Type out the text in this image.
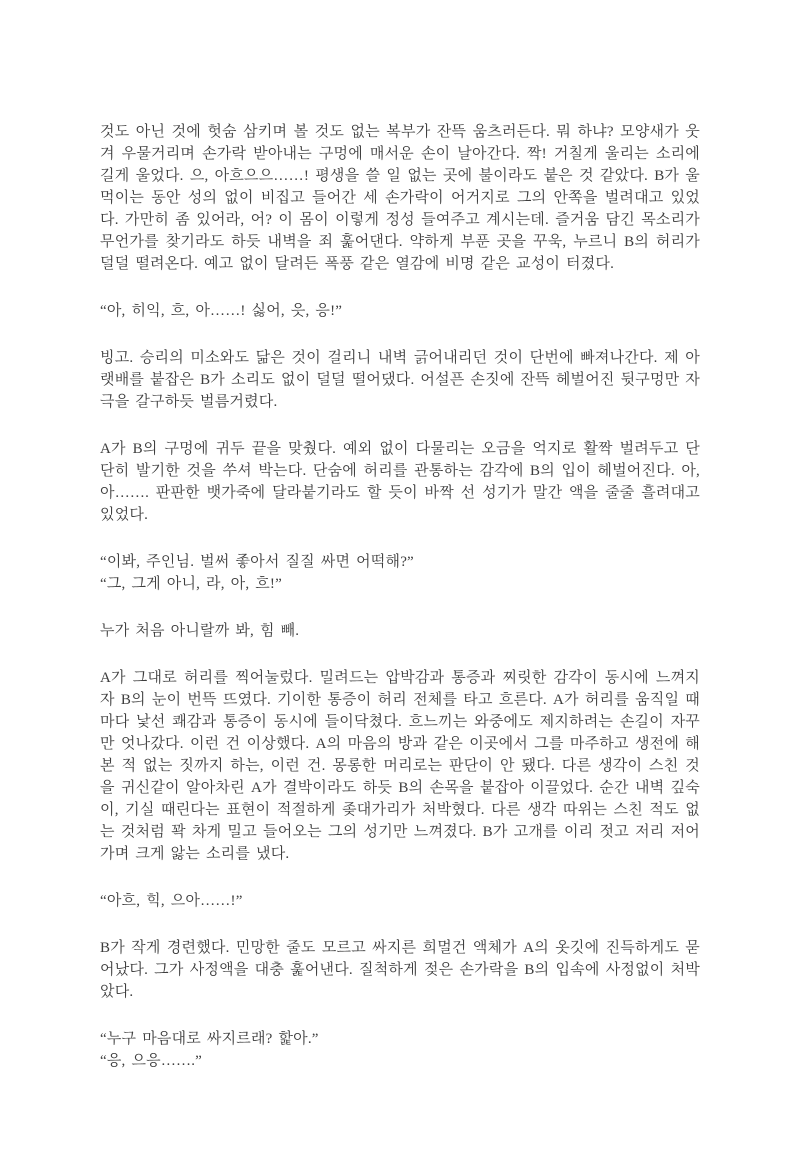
것도 아닌 것에 헛숨 삼키며 볼 것도 없는 복부가 잔뜩 움츠러든다. 뭐 하냐? 모양새가 웃겨 우물거리며 손가락 받아내는 구멍에 매서운 손이 날아간다. 짝! 거칠게 울리는 소리에 길게 울었다. 으, 아흐으으……! 평생을 쓸 일 없는 곳에 불이라도 붙은 것 같았다. B가 울먹이는 동안 성의 없이 비집고 들어간 세 손가락이 어거지로 그의 안쪽을 벌려대고 있었다. 가만히 좀 있어라, 어? 이 몸이 이렇게 정성 들여주고 계시는데. 즐거움 담긴 목소리가 무언가를 찾기라도 하듯 내벽을 죄 훑어댄다. 약하게 부푼 곳을 꾸욱, 누르니 B의 허리가 덜덜 떨려온다. 예고 없이 달려든 폭풍 같은 열감에 비명 같은 교성이 터졌다.

“아, 히익, 흐, 아……! 싫어, 읏, 응!”

빙고. 승리의 미소와도 닮은 것이 걸리니 내벽 긁어내리던 것이 단번에 빠져나간다. 제 아랫배를 붙잡은 B가 소리도 없이 덜덜 떨어댔다. 어설픈 손짓에 잔뜩 헤벌어진 뒷구멍만 자극을 갈구하듯 벌름거렸다.

A가 B의 구멍에 귀두 끝을 맞췄다. 예외 없이 다물리는 오금을 억지로 활짝 벌려두고 단단히 발기한 것을 쑤셔 박는다. 단숨에 허리를 관통하는 감각에 B의 입이 헤벌어진다. 아, 아……. 판판한 뱃가죽에 달라붙기라도 할 듯이 바짝 선 성기가 말간 액을 줄줄 흘려대고 있었다.

“이봐, 주인님. 벌써 좋아서 질질 싸면 어떡해?”

“그, 그게 아니, 라, 아, 흐!”

누가 처음 아니랄까 봐, 힘 빼.

A가 그대로 허리를 찍어눌렀다. 밀려드는 압박감과 통증과 찌릿한 감각이 동시에 느껴지자 B의 눈이 번뜩 뜨였다. 기이한 통증이 허리 전체를 타고 흐른다. A가 허리를 움직일 때마다 낯선 쾌감과 통증이 동시에 들이닥쳤다. 흐느끼는 와중에도 제지하려는 손길이 자꾸만 엇나갔다. 이런 건 이상했다. A의 마음의 방과 같은 이곳에서 그를 마주하고 생전에 해본 적 없는 짓까지 하는, 이런 건. 몽롱한 머리로는 판단이 안 됐다. 다른 생각이 스친 것을 귀신같이 알아차린 A가 결박이라도 하듯 B의 손목을 붙잡아 이끌었다. 순간 내벽 깊숙이, 기실 때린다는 표현이 적절하게 좆대가리가 처박혔다. 다른 생각 따위는 스친 적도 없는 것처럼 꽉 차게 밀고 들어오는 그의 성기만 느껴졌다. B가 고개를 이리 젓고 저리 저어가며 크게 앓는 소리를 냈다.

“아흐, 힉, 으아……!”

B가 작게 경련했다. 민망한 줄도 모르고 싸지른 희멀건 액체가 A의 옷깃에 진득하게도 묻어났다. 그가 사정액을 대충 훑어낸다. 질척하게 젖은 손가락을 B의 입속에 사정없이 처박았다.

“누구 마음대로 싸지르래? 핥아.”

“응, 으응…….”
